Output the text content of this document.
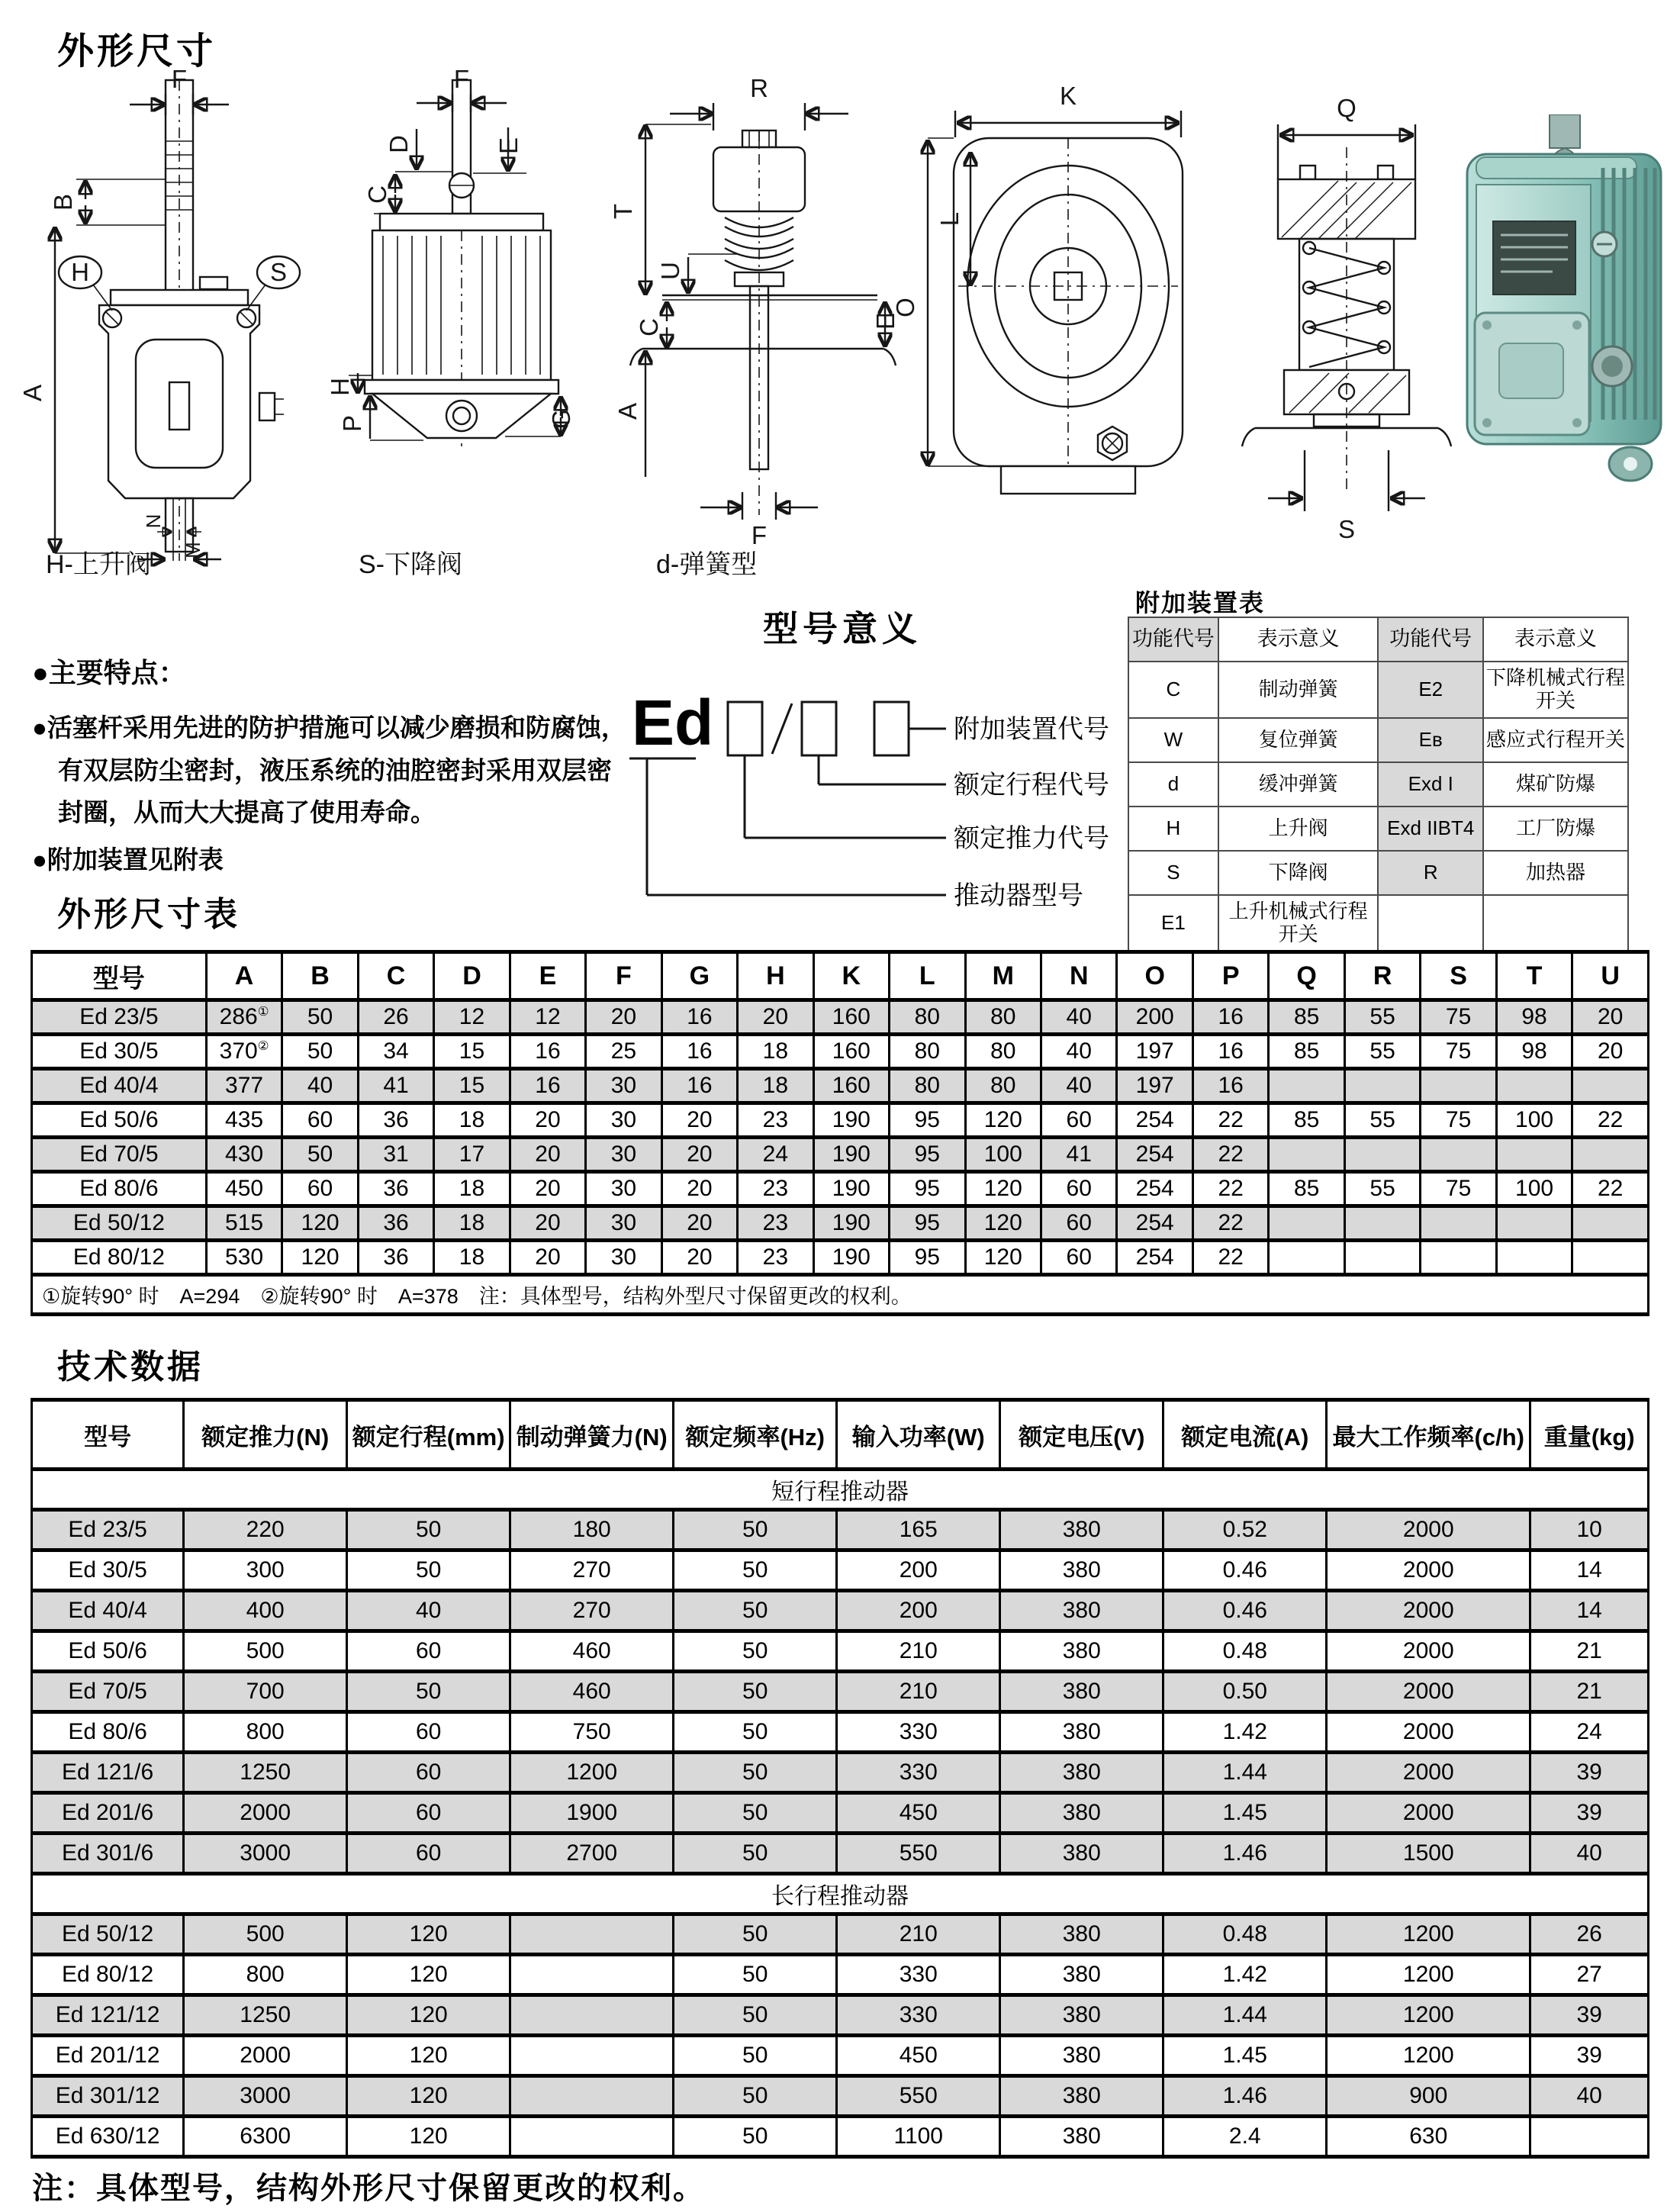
外形尺寸
F
B
A
H	S
N
M
F
D
C
E
H
P	G
R
T
U
C
A
E
F
K
L
O
Q
S
H-上升阀	S-下降阀	d-弹簧型
型号意义
Ed	附加装置代号
额定行程代号
额定推力代号
推动器型号
●主要特点：
●活塞杆采用先进的防护措施可以减少磨损和防腐蚀，有双层防尘密封，液压系统的油腔密封采用双层密封圈，从而大大提高了使用寿命。
●附加装置见附表
附加装置表
功能代号	表示意义	功能代号	表示意义
C	制动弹簧	E2	下降机械式行程开关
W	复位弹簧	Eʙ	感应式行程开关
d	缓冲弹簧	Exd I	煤矿防爆
H	上升阀	Exd IIBT4	工厂防爆
S	下降阀	R	加热器
E1	上升机械式行程开关		
外形尺寸表
型号	A	B	C	D	E	F	G	H	K	L	M	N	O	P	Q	R	S	T	U
Ed 23/5	286①	50	26	12	12	20	16	20	160	80	80	40	200	16	85	55	75	98	20
Ed 30/5	370②	50	34	15	16	25	16	18	160	80	80	40	197	16	85	55	75	98	20
Ed 40/4	377	40	41	15	16	30	16	18	160	80	80	40	197	16					
Ed 50/6	435	60	36	18	20	30	20	23	190	95	120	60	254	22	85	55	75	100	22
Ed 70/5	430	50	31	17	20	30	20	24	190	95	100	41	254	22					
Ed 80/6	450	60	36	18	20	30	20	23	190	95	120	60	254	22	85	55	75	100	22
Ed 50/12	515	120	36	18	20	30	20	23	190	95	120	60	254	22					
Ed 80/12	530	120	36	18	20	30	20	23	190	95	120	60	254	22					
①旋转90° 时　A=294　②旋转90° 时　A=378　注：具体型号，结构外型尺寸保留更改的权利。																			
技术数据
型号	额定推力(N)	额定行程(mm)	制动弹簧力(N)	额定频率(Hz)	输入功率(W)	额定电压(V)	额定电流(A)	最大工作频率(c/h)	重量(kg)
短行程推动器									
Ed 23/5	220	50	180	50	165	380	0.52	2000	10
Ed 30/5	300	50	270	50	200	380	0.46	2000	14
Ed 40/4	400	40	270	50	200	380	0.46	2000	14
Ed 50/6	500	60	460	50	210	380	0.48	2000	21
Ed 70/5	700	50	460	50	210	380	0.50	2000	21
Ed 80/6	800	60	750	50	330	380	1.42	2000	24
Ed 121/6	1250	60	1200	50	330	380	1.44	2000	39
Ed 201/6	2000	60	1900	50	450	380	1.45	2000	39
Ed 301/6	3000	60	2700	50	550	380	1.46	1500	40
长行程推动器									
Ed 50/12	500	120		50	210	380	0.48	1200	26
Ed 80/12	800	120		50	330	380	1.42	1200	27
Ed 121/12	1250	120		50	330	380	1.44	1200	39
Ed 201/12	2000	120		50	450	380	1.45	1200	39
Ed 301/12	3000	120		50	550	380	1.46	900	40
Ed 630/12	6300	120		50	1100	380	2.4	630	
注：具体型号，结构外形尺寸保留更改的权利。
